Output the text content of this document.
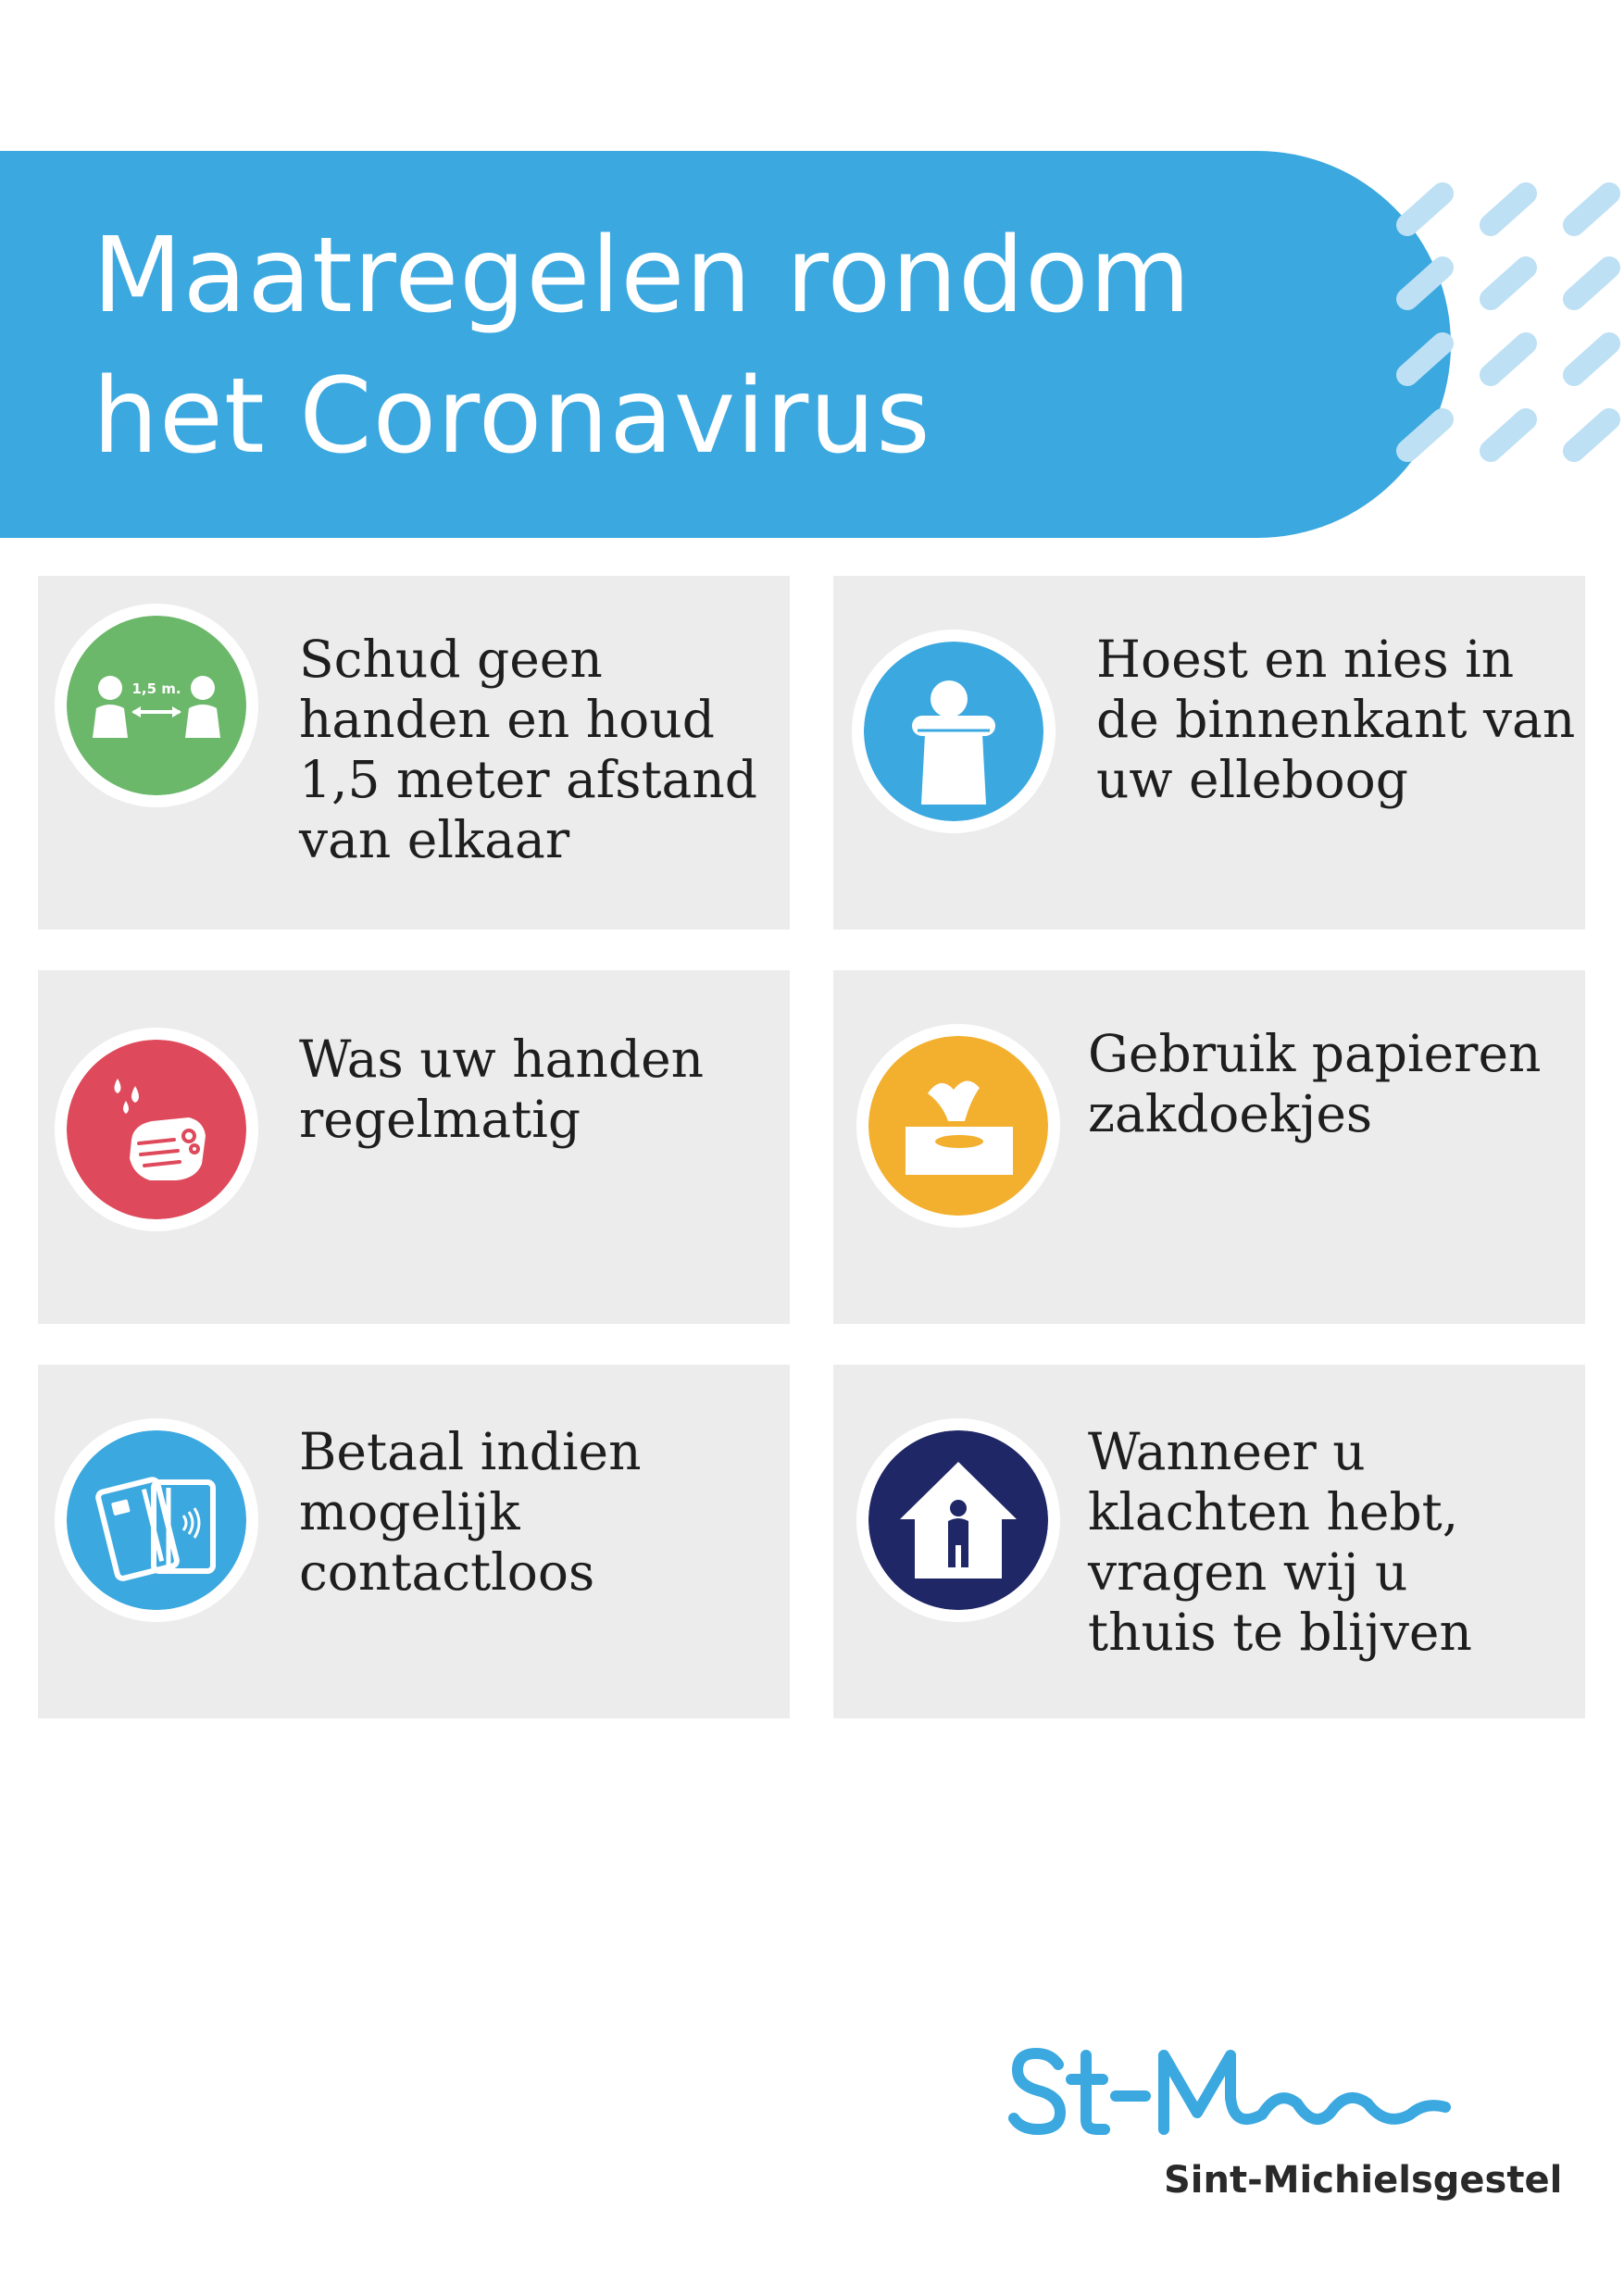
Maatregelen rondom
het Coronavirus
1,5 m. Schud geen
handen en houd
1,5 meter afstand
van elkaar

Hoest en nies in
de binnenkant van
uw elleboog

Was uw handen
regelmatig

Gebruik papieren
zakdoekjes

Betaal indien
mogelijk
contactloos

Wanneer u
klachten hebt,
vragen wij u
thuis te blijven

Sint-Michielsgestel
